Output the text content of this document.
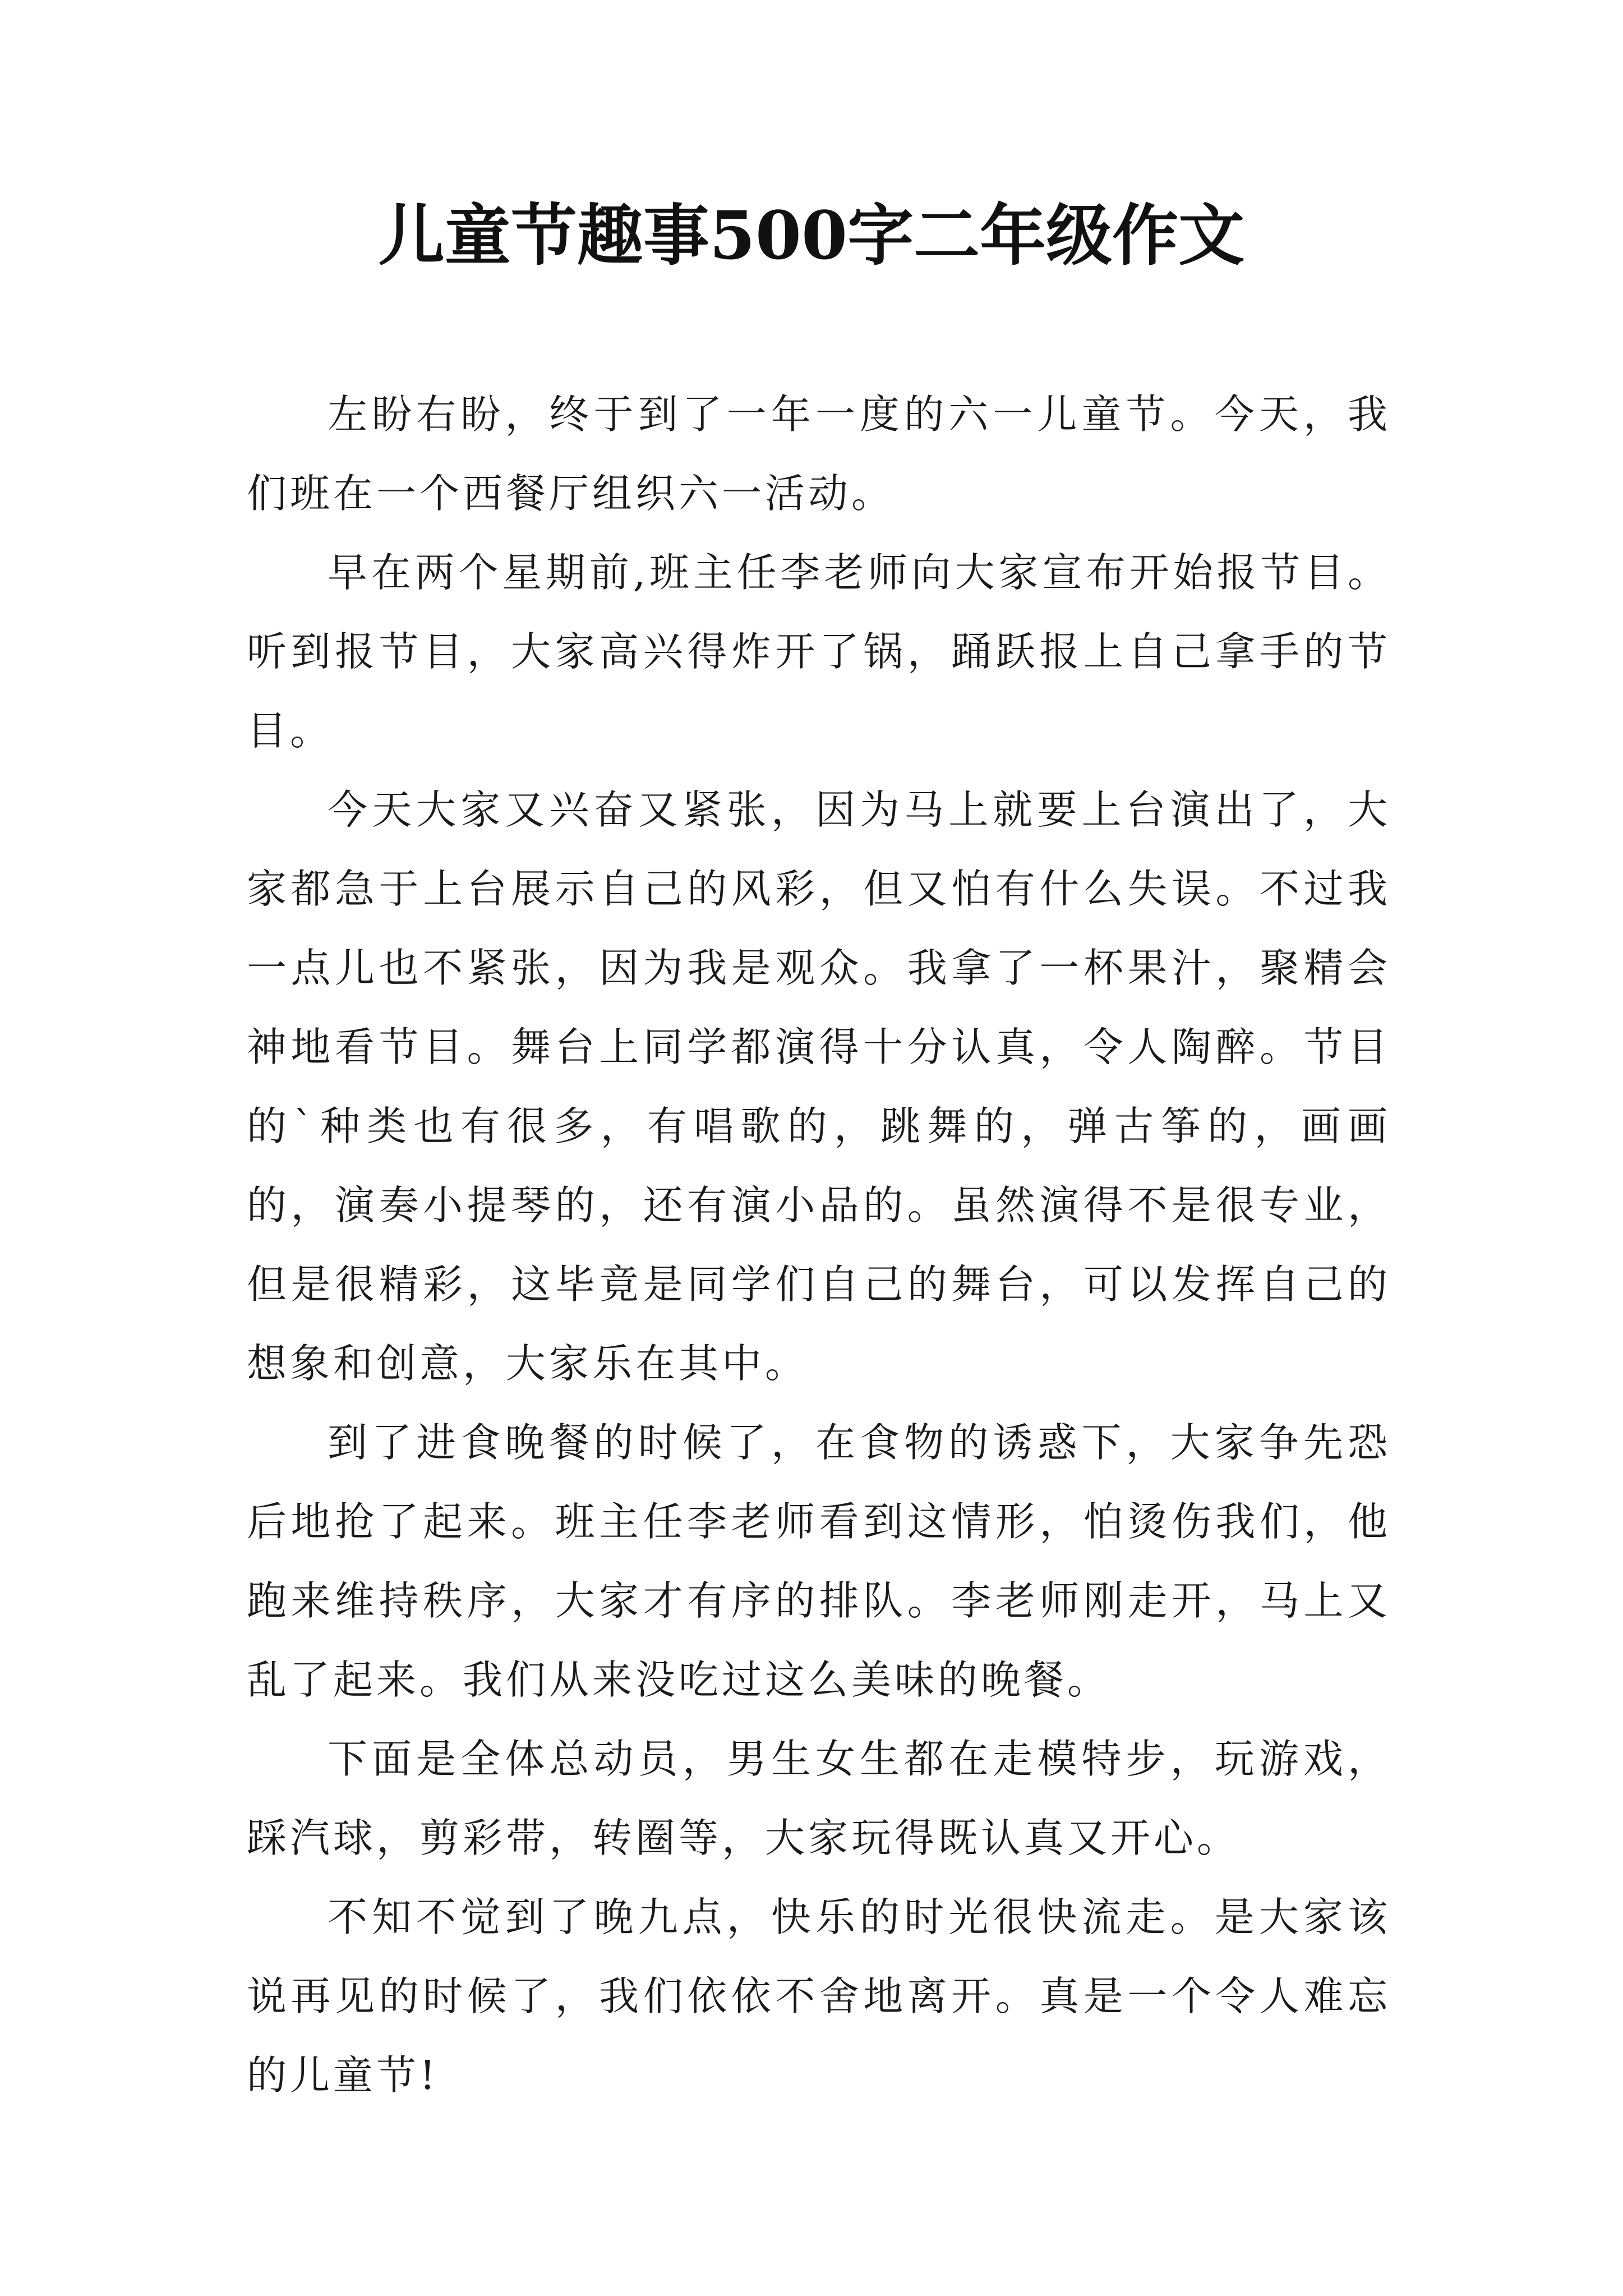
儿童节趣事500字二年级作文

左盼右盼，终于到了一年一度的六一儿童节。今天，我们班在一个西餐厅组织六一活动。

早在两个星期前,班主任李老师向大家宣布开始报节目。听到报节目，大家高兴得炸开了锅，踊跃报上自己拿手的节目。

今天大家又兴奋又紧张，因为马上就要上台演出了，大家都急于上台展示自己的风彩，但又怕有什么失误。不过我一点儿也不紧张，因为我是观众。我拿了一杯果汁，聚精会神地看节目。舞台上同学都演得十分认真，令人陶醉。节目的`种类也有很多，有唱歌的，跳舞的，弹古筝的，画画的，演奏小提琴的，还有演小品的。虽然演得不是很专业，但是很精彩，这毕竟是同学们自己的舞台，可以发挥自己的想象和创意，大家乐在其中。

到了进食晚餐的时候了，在食物的诱惑下，大家争先恐后地抢了起来。班主任李老师看到这情形，怕烫伤我们，他跑来维持秩序，大家才有序的排队。李老师刚走开，马上又乱了起来。我们从来没吃过这么美味的晚餐。

下面是全体总动员，男生女生都在走模特步，玩游戏，踩汽球，剪彩带，转圈等，大家玩得既认真又开心。

不知不觉到了晚九点，快乐的时光很快流走。是大家该说再见的时候了，我们依依不舍地离开。真是一个令人难忘的儿童节!
